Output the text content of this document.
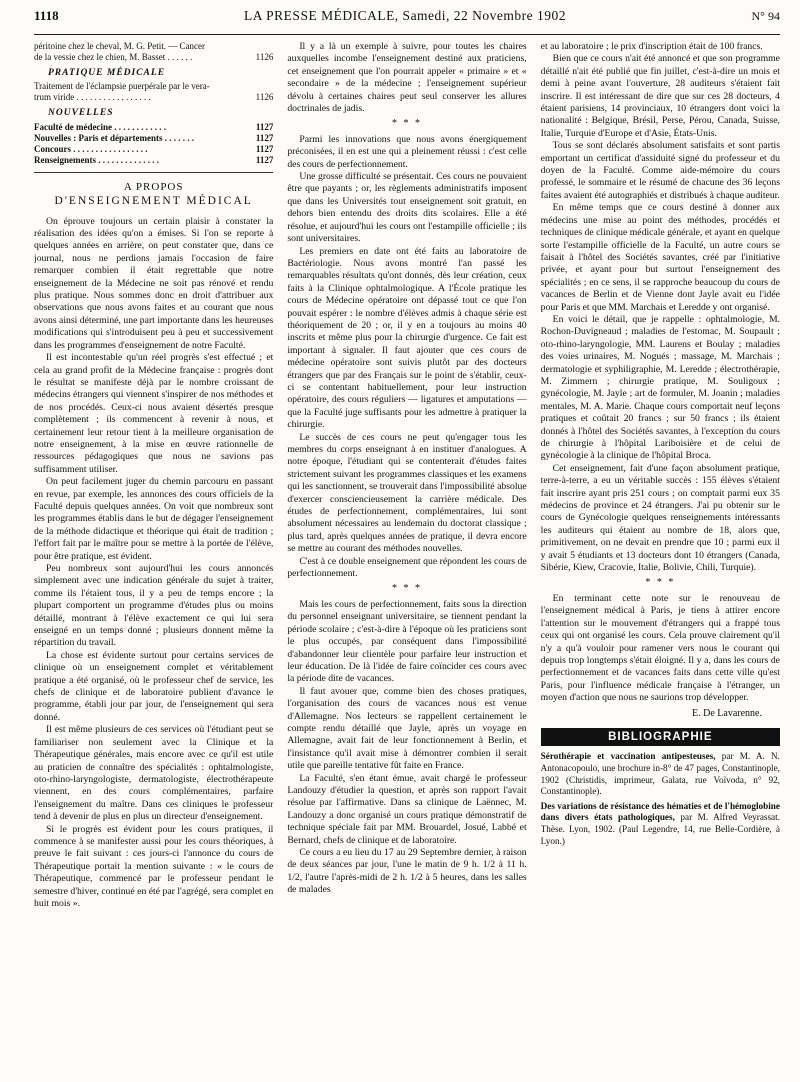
1118	LA PRESSE MÉDICALE, Samedi, 22 Novembre 1902	N° 94
péritoine chez le cheval, M. G. Petit. — Cancer
de la vessie chez le chien, M. Basset . . . . . .	1126
PRATIQUE MÉDICALE
Traitement de l'éclampsie puerpérale par le vera-
trum viride . . . . . . . . . . . . . . . . .	1126
NOUVELLES
Faculté de médecine . . . . . . . . . . . .	1127
Nouvelles : Paris et départements . . . . . . .	1127
Concours . . . . . . . . . . . . . . . . .	1127
Renseignements . . . . . . . . . . . . . .	1127
A PROPOS
D'ENSEIGNEMENT MÉDICAL

On éprouve toujours un certain plaisir à constater la réalisation des idées qu'on a émises. Si l'on se reporte à quelques années en arrière, on peut constater que, dans ce journal, nous ne perdions jamais l'occasion de faire remarquer combien il était regrettable que notre enseignement de la Médecine ne soit pas rénové et rendu plus pratique. Nous sommes donc en droit d'attribuer aux observations que nous avons faites et au courant que nous avons ainsi déterminé, une part importante dans les heureuses modifications qui s'introduisent peu à peu et successivement dans les programmes d'enseignement de notre Faculté.

Il est incontestable qu'un réel progrès s'est effectué ; et cela au grand profit de la Médecine française : progrès dont le résultat se manifeste déjà par le nombre croissant de médecins étrangers qui viennent s'inspirer de nos méthodes et de nos procédés. Ceux-ci nous avaient désertés presque complètement ; ils commencent à revenir à nous, et certainement leur retour tient à la meilleure organisation de notre enseignement, à la mise en œuvre rationnelle de ressources pédagogiques que nous ne savions pas suffisamment utiliser.

On peut facilement juger du chemin parcouru en passant en revue, par exemple, les annonces des cours officiels de la Faculté depuis quelques années. On voit que nombreux sont les programmes établis dans le but de dégager l'enseignement de la méthode didactique et théorique qui était de tradition ; l'effort fait par le maître pour se mettre à la portée de l'élève, pour être pratique, est évident.

Peu nombreux sont aujourd'hui les cours annoncés simplement avec une indication générale du sujet à traiter, comme ils l'étaient tous, il y a peu de temps encore ; la plupart comportent un programme d'études plus ou moins détaillé, montrant à l'élève exactement ce qui lui sera enseigné en un temps donné ; plusieurs donnent même la répartition du travail.

La chose est évidente surtout pour certains services de clinique où un enseignement complet et véritablement pratique a été organisé, où le professeur chef de service, les chefs de clinique et de laboratoire publient d'avance le programme, établi jour par jour, de l'enseignement qui sera donné.

Il est même plusieurs de ces services où l'étudiant peut se familiariser non seulement avec la Clinique et la Thérapeutique générales, mais encore avec ce qu'il est utile au praticien de connaître des spécialités : ophtalmologiste, oto-rhino-laryngologiste, dermatologiste, électrothérapeute viennent, en des cours complémentaires, parfaire l'enseignement du maître. Dans ces cliniques le professeur tend à devenir de plus en plus un directeur d'enseignement.

Si le progrès est évident pour les cours pratiques, il commence à se manifester aussi pour les cours théoriques, à preuve le fait suivant : ces jours-ci l'annonce du cours de Thérapeutique portait la mention suivante : « le cours de Thérapeutique, commencé par le professeur pendant le semestre d'hiver, continué en été par l'agrégé, sera complet en huit mois ».

Il y a là un exemple à suivre, pour toutes les chaires auxquelles incombe l'enseignement destiné aux praticiens, cet enseignement que l'on pourrait appeler « primaire » et « secondaire » de la médecine ; l'enseignement supérieur dévolu à certaines chaires peut seul conserver les allures doctrinales de jadis.

* * *

Parmi les innovations que nous avons énergiquement préconisées, il en est une qui a pleinement réussi : c'est celle des cours de perfectionnement.

Une grosse difficulté se présentait. Ces cours ne pouvaient être que payants ; or, les règlements administratifs imposent que dans les Universités tout enseignement soit gratuit, en dehors bien entendu des droits dits scolaires. Elle a été résolue, et aujourd'hui les cours ont l'estampille officielle ; ils sont universitaires.

Les premiers en date ont été faits au laboratoire de Bactériologie. Nous avons montré l'an passé les remarquables résultats qu'ont donnés, dès leur création, ceux faits à la Clinique ophtalmologique. A l'École pratique les cours de Médecine opératoire ont dépassé tout ce que l'on pouvait espérer : le nombre d'élèves admis à chaque série est théoriquement de 20 ; or, il y en a toujours au moins 40 inscrits et même plus pour la chirurgie d'urgence. Ce fait est important à signaler. Il faut ajouter que ces cours de médecine opératoire sont suivis plutôt par des docteurs étrangers que par des Français sur le point de s'établir, ceux-ci se contentant habituellement, pour leur instruction opératoire, des cours réguliers — ligatures et amputations — que la Faculté juge suffisants pour les admettre à pratiquer la chirurgie.

Le succès de ces cours ne peut qu'engager tous les membres du corps enseignant à en instituer d'analogues. A notre époque, l'étudiant qui se contenterait d'études faites strictement suivant les programmes classiques et les examens qui les sanctionnent, se trouverait dans l'impossibilité absolue d'exercer consciencieusement la carrière médicale. Des études de perfectionnement, complémentaires, lui sont absolument nécessaires au lendemain du doctorat classique ; plus tard, après quelques années de pratique, il devra encore se mettre au courant des méthodes nouvelles.

C'est à ce double enseignement que répondent les cours de perfectionnement.

* * *

Mais les cours de perfectionnement, faits sous la direction du personnel enseignant universitaire, se tiennent pendant la période scolaire ; c'est-à-dire à l'époque où les praticiens sont le plus occupés, par conséquent dans l'impossibilité d'abandonner leur clientèle pour parfaire leur instruction et leur éducation. De là l'idée de faire coïncider ces cours avec la période dite de vacances.

Il faut avouer que, comme bien des choses pratiques, l'organisation des cours de vacances nous est venue d'Allemagne. Nos lecteurs se rappellent certainement le compte rendu détaillé que Jayle, après un voyage en Allemagne, avait fait de leur fonctionnement à Berlin, et l'insistance qu'il avait mise à démontrer combien il serait utile que pareille tentative fût faite en France.

La Faculté, s'en étant émue, avait chargé le professeur Landouzy d'étudier la question, et après son rapport l'avait résolue par l'affirmative. Dans sa clinique de Laënnec, M. Landouzy a donc organisé un cours pratique démonstratif de technique spéciale fait par MM. Brouardel, Josué, Labbé et Bernard, chefs de clinique et de laboratoire.

Ce cours a eu lieu du 17 au 29 Septembre dernier, à raison de deux séances par jour, l'une le matin de 9 h. 1/2 à 11 h. 1/2, l'autre l'après-midi de 2 h. 1/2 à 5 heures, dans les salles de malades

et au laboratoire ; le prix d'inscription était de 100 francs.

Bien que ce cours n'ait été annoncé et que son programme détaillé n'ait été publié que fin juillet, c'est-à-dire un mois et demi à peine avant l'ouverture, 28 auditeurs s'étaient fait inscrire. Il est intéressant de dire que sur ces 28 docteurs, 4 étaient parisiens, 14 provinciaux, 10 étrangers dont voici la nationalité : Belgique, Brésil, Perse, Pérou, Canada, Suisse, Italie, Turquie d'Europe et d'Asie, États-Unis.

Tous se sont déclarés absolument satisfaits et sont partis emportant un certificat d'assiduité signé du professeur et du doyen de la Faculté. Comme aide-mémoire du cours professé, le sommaire et le résumé de chacune des 36 leçons faites avaient été autographiés et distribués à chaque auditeur.

En même temps que ce cours destiné à donner aux médecins une mise au point des méthodes, procédés et techniques de clinique médicale générale, et ayant en quelque sorte l'estampille officielle de la Faculté, un autre cours se faisait à l'hôtel des Sociétés savantes, créé par l'initiative privée, et ayant pour but surtout l'enseignement des spécialités ; en ce sens, il se rapproche beaucoup du cours de vacances de Berlin et de Vienne dont Jayle avait eu l'idée pour Paris et que MM. Marchais et Leredde y ont organisé.

En voici le détail, que je rappelle : ophtalmologie, M. Rochon-Duvigneaud ; maladies de l'estomac, M. Soupault ; oto-rhino-laryngologie, MM. Laurens et Boulay ; maladies des voies urinaires, M. Nogués ; massage, M. Marchais ; dermatologie et syphiligraphie, M. Leredde ; électrothérapie, M. Zimmern ; chirurgie pratique, M. Souligoux ; gynécologie, M. Jayle ; art de formuler, M. Joanin ; maladies mentales, M. A. Marie. Chaque cours comportait neuf leçons pratiques et coûtait 20 francs ; sur 50 francs ; ils étaient donnés à l'hôtel des Sociétés savantes, à l'exception du cours de chirurgie à l'hôpital Lariboisière et de celui de gynécologie à la clinique de l'hôpital Broca.

Cet enseignement, fait d'une façon absolument pratique, terre-à-terre, a eu un véritable succès : 155 élèves s'étaient fait inscrire ayant pris 251 cours ; on comptait parmi eux 35 médecins de province et 24 étrangers. J'ai pu obtenir sur le cours de Gynécologie quelques renseignements intéressants les auditeurs qui étaient au nombre de 18, alors que, primitivement, on ne devait en prendre que 10 ; parmi eux il y avait 5 étudiants et 13 docteurs dont 10 étrangers (Canada, Sibérie, Kiew, Cracovie, Italie, Bolivie, Chili, Turquie).

* * *

En terminant cette note sur le renouveau de l'enseignement médical à Paris, je tiens à attirer encore l'attention sur le mouvement d'étrangers qui a frappé tous ceux qui ont organisé les cours. Cela prouve clairement qu'il n'y a qu'à vouloir pour ramener vers nous le courant qui depuis trop longtemps s'était éloigné. Il y a, dans les cours de perfectionnement et de vacances faits dans cette ville qu'est Paris, pour l'influence médicale française à l'étranger, un moyen d'action que nous ne saurions trop développer.

E. De Lavarenne.
BIBLIOGRAPHIE

Sérothérapie et vaccination antipesteuses, par M. A. N. Antonacopoulo, une brochure in-8° de 47 pages, Constantinople, 1902 (Christidis, imprimeur, Galata, rue Voïvoda, n° 92, Constantinople).

Des variations de résistance des hématies et de l'hémoglobine dans divers états pathologiques, par M. Alfred Veyrassat. Thèse. Lyon, 1902. (Paul Legendre, 14, rue Belle-Cordière, à Lyon.)
